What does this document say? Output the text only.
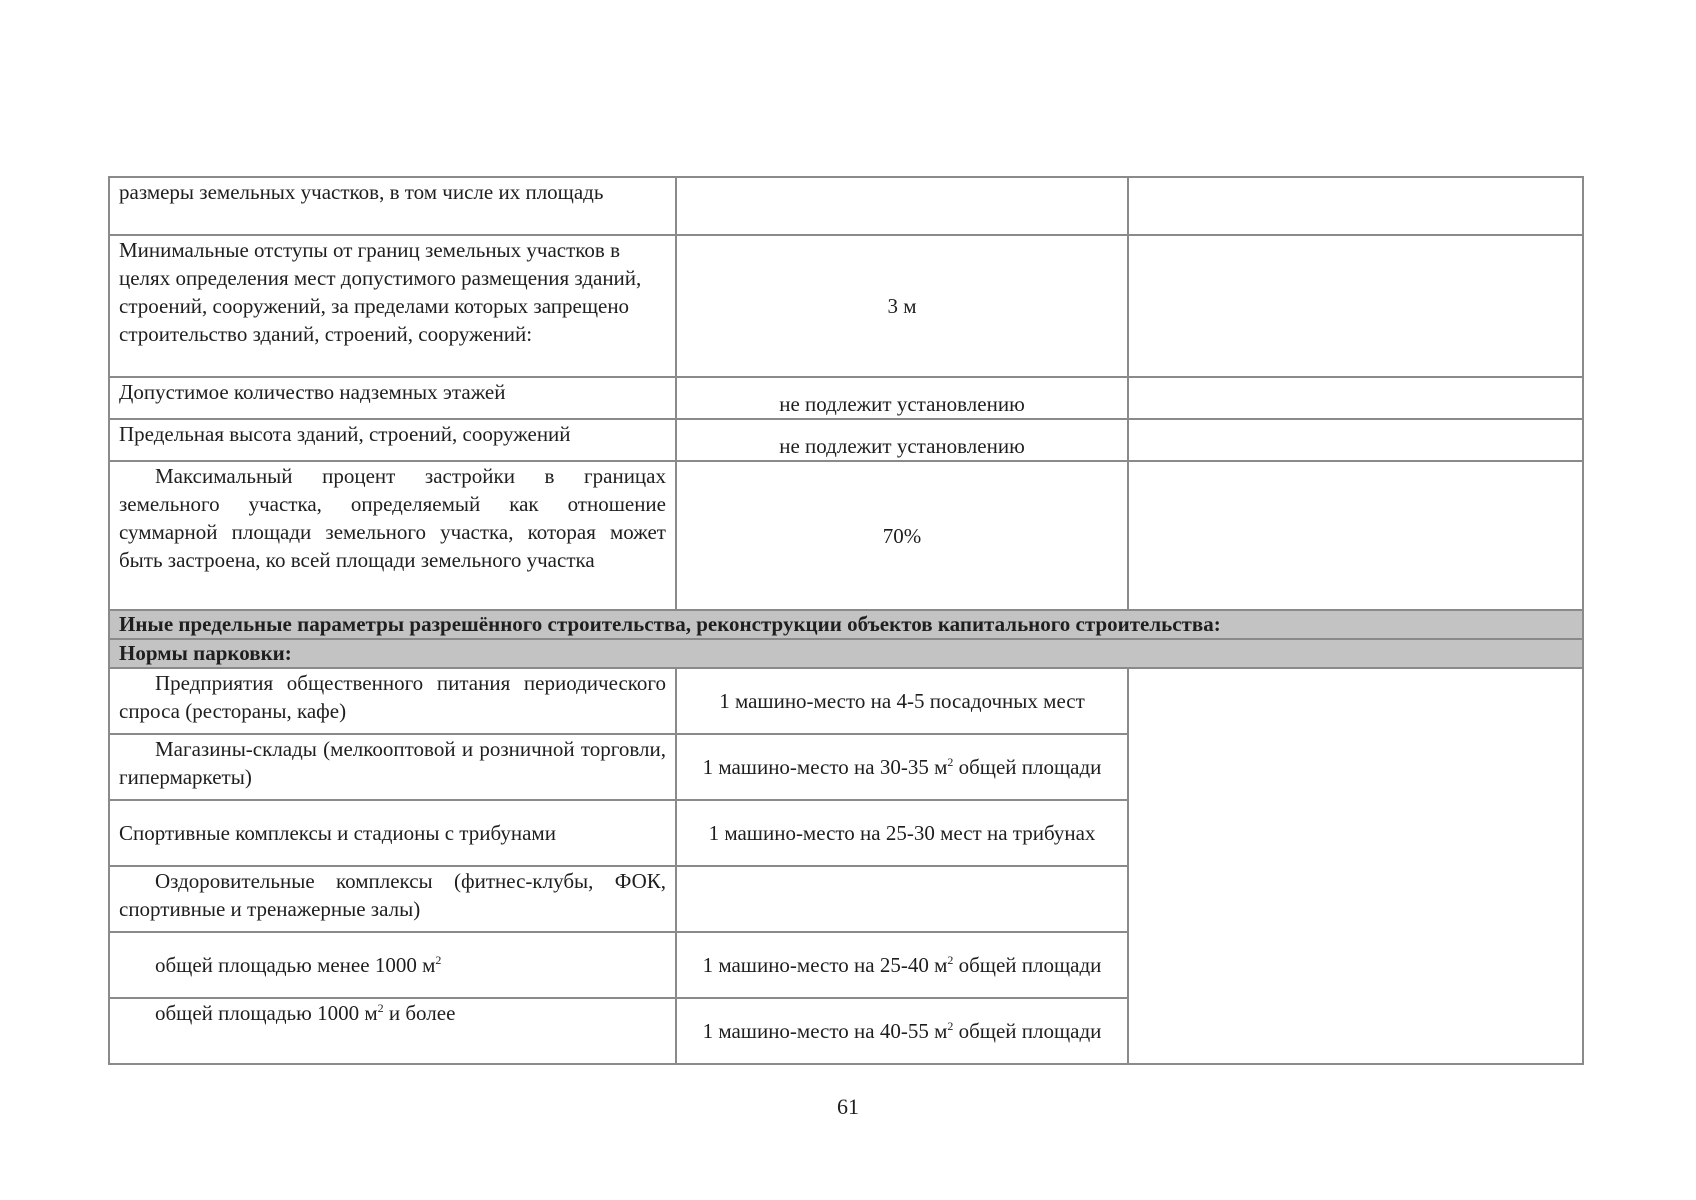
размеры земельных участков, в том числе их площадь		
Минимальные отступы от границ земельных участков в целях определения мест допустимого размещения зданий, строений, сооружений, за пределами которых запрещено строительство зданий, строений, сооружений:	3 м	
Допустимое количество надземных этажей	не подлежит установлению	
Предельная высота зданий, строений, сооружений	не подлежит установлению	
Максимальный процент застройки в границах земельного участка, определяемый как отношение суммарной площади земельного участка, которая может быть застроена, ко всей площади земельного участка	70%	
Иные предельные параметры разрешённого строительства, реконструкции объектов капитального строительства:		
Нормы парковки:		
Предприятия общественного питания периодического спроса (рестораны, кафе)	1 машино-место на 4-5 посадочных мест	
Магазины-склады (мелкооптовой и розничной торговли, гипермаркеты)	1 машино-место на 30-35 $м^2$ общей площади	
Спортивные комплексы и стадионы с трибунами	1 машино-место на 25-30 мест на трибунах	
Оздоровительные комплексы (фитнес-клубы, ФОК, спортивные и тренажерные залы)		
общей площадью менее 1000 $м^2$	1 машино-место на 25-40 $м^2$ общей площади	
общей площадью 1000 $м^2$ и более	1 машино-место на 40-55 $м^2$ общей площади	
61
